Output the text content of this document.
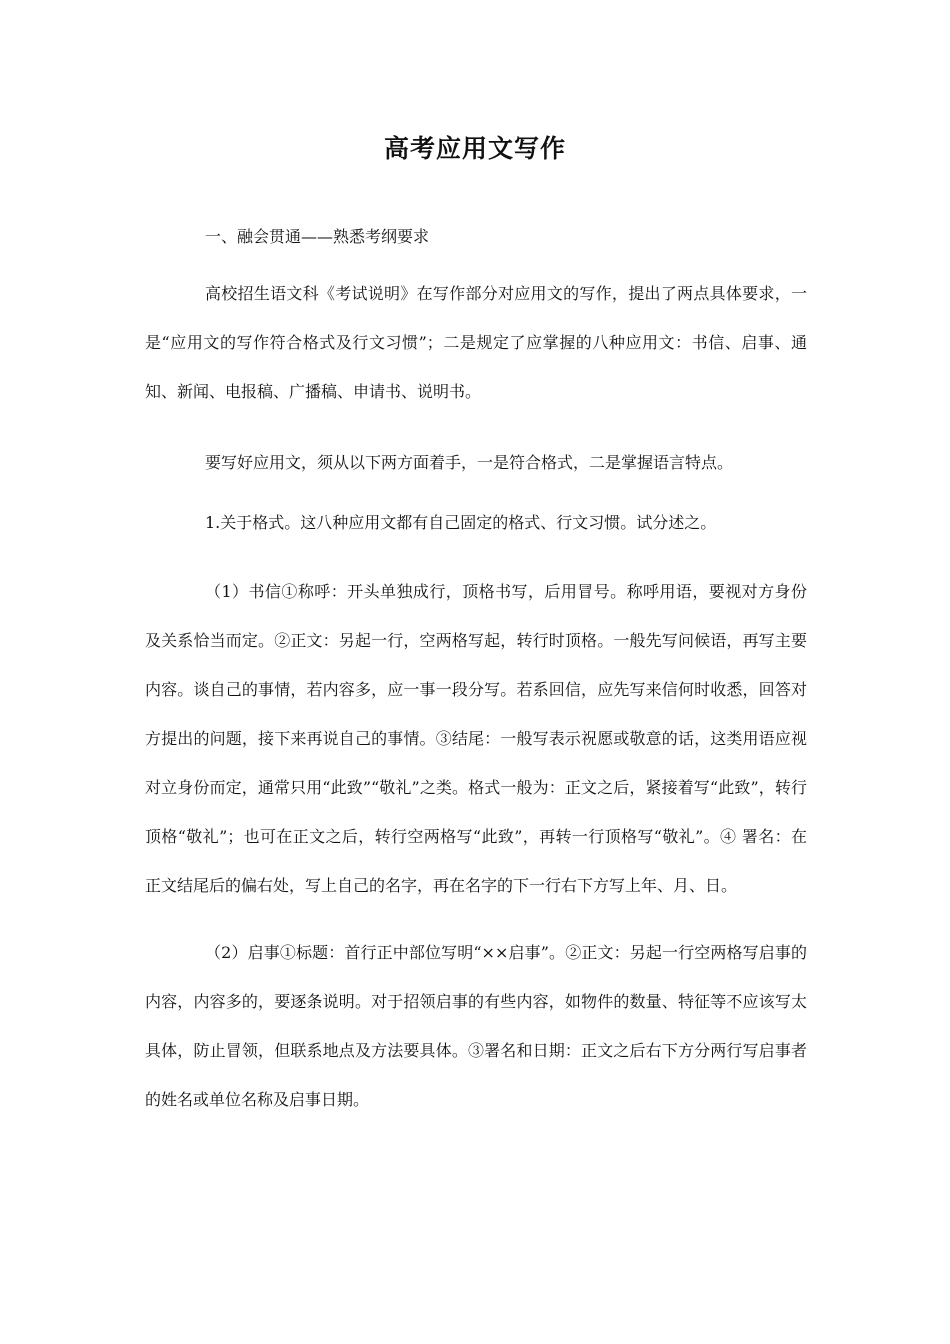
高考应用文写作

一、融会贯通——熟悉考纲要求

高校招生语文科《考试说明》在写作部分对应用文的写作，提出了两点具体要求，一是“应用文的写作符合格式及行文习惯”；二是规定了应掌握的八种应用文：书信、启事、通知、新闻、电报稿、广播稿、申请书、说明书。

要写好应用文，须从以下两方面着手，一是符合格式，二是掌握语言特点。

1.关于格式。这八种应用文都有自己固定的格式、行文习惯。试分述之。

（1）书信①称呼：开头单独成行，顶格书写，后用冒号。称呼用语，要视对方身份及关系恰当而定。②正文：另起一行，空两格写起，转行时顶格。一般先写问候语，再写主要内容。谈自己的事情，若内容多，应一事一段分写。若系回信，应先写来信何时收悉，回答对方提出的问题，接下来再说自己的事情。③结尾：一般写表示祝愿或敬意的话，这类用语应视对立身份而定，通常只用“此致”“敬礼”之类。格式一般为：正文之后，紧接着写“此致”，转行顶格“敬礼”；也可在正文之后，转行空两格写“此致”，再转一行顶格写“敬礼”。④ 署名：在正文结尾后的偏右处，写上自己的名字，再在名字的下一行右下方写上年、月、日。

（2）启事①标题：首行正中部位写明“××启事”。②正文：另起一行空两格写启事的内容，内容多的，要逐条说明。对于招领启事的有些内容，如物件的数量、特征等不应该写太具体，防止冒领，但联系地点及方法要具体。③署名和日期：正文之后右下方分两行写启事者的姓名或单位名称及启事日期。
